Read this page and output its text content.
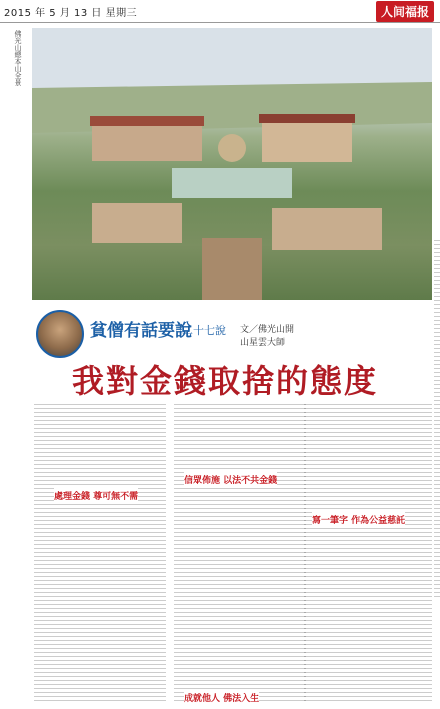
2015 年 5 月 13 日 星期三	人间福报
佛光山總本山全景
貧僧有話要說
二十七說 文／佛光山開山星雲大師
我對金錢取捨的態度
處理金錢 尊可無不需
信眾佈施 以法不共金錢
成就他人 佛法入生
寫一筆字 作為公益慈託
